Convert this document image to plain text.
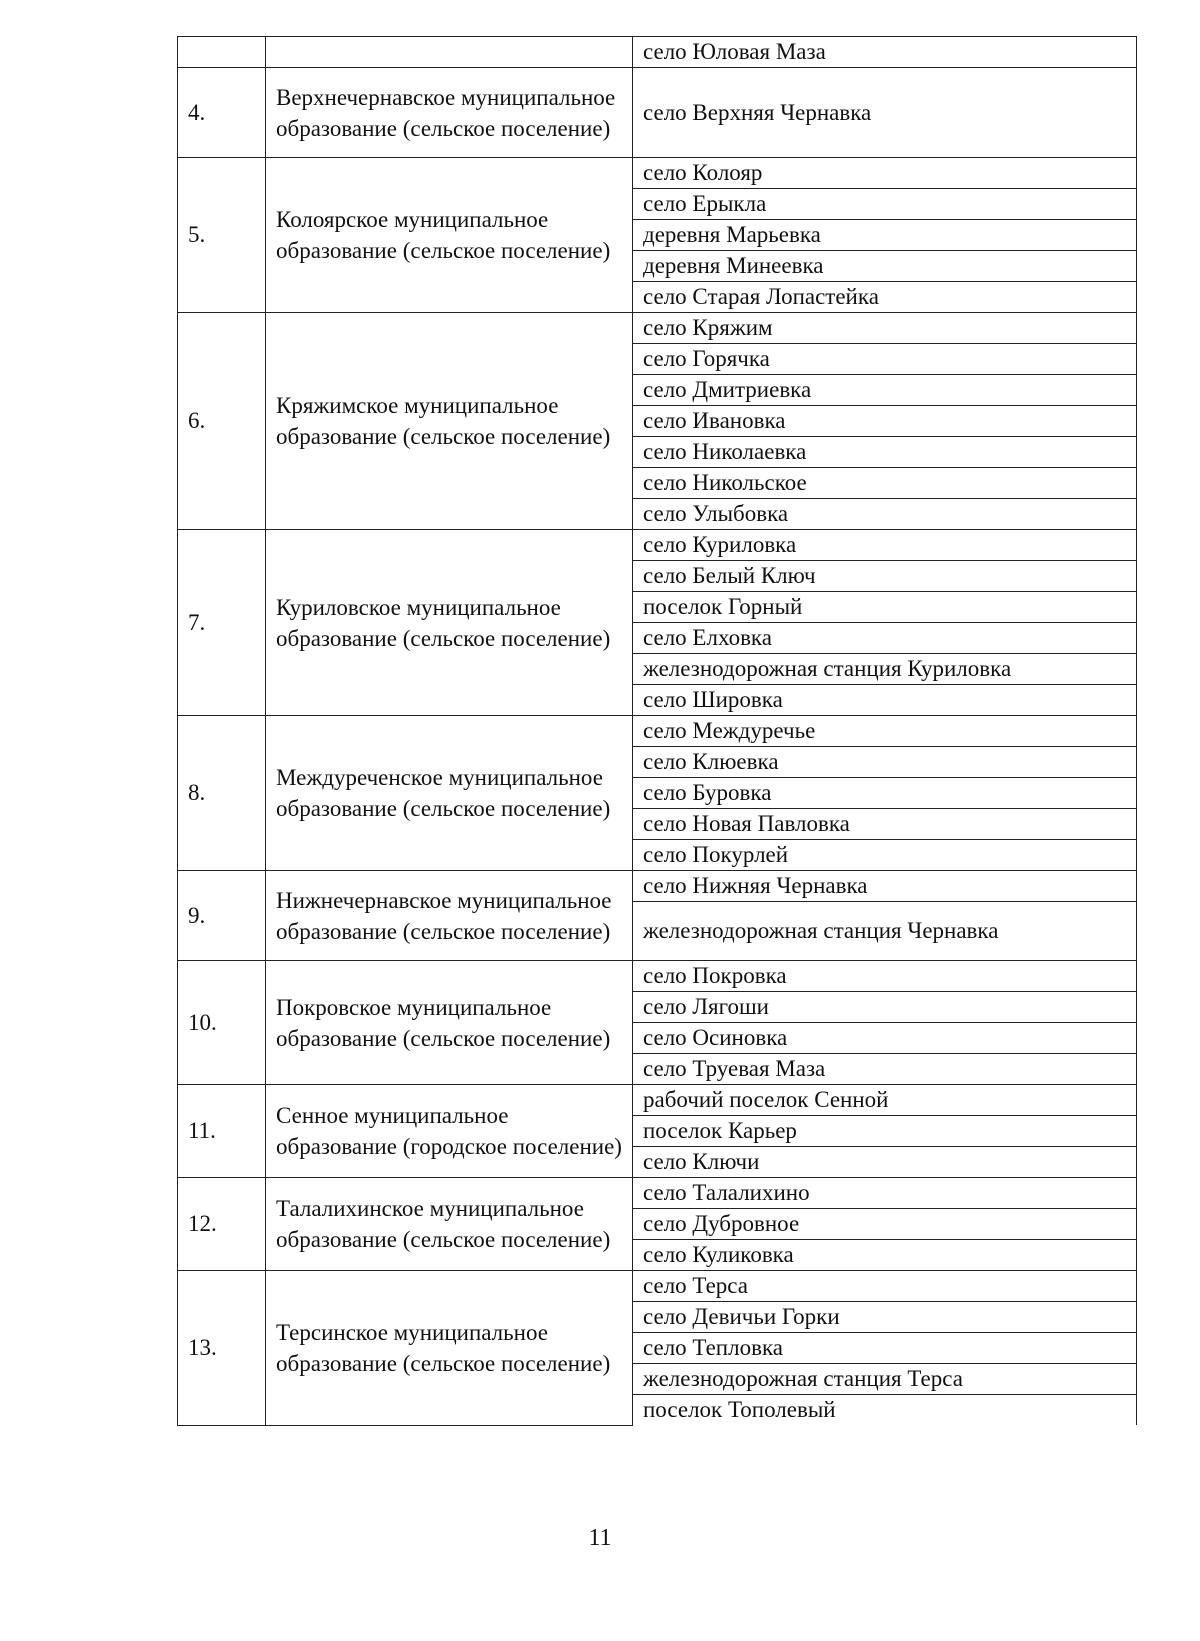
		село Юловая Маза
4.	Верхнечернавское муниципальное образование (сельское поселение)	село Верхняя Чернавка
5.	Колоярское муниципальное образование (сельское поселение)	село Колояр
		село Ерыкла
		деревня Марьевка
		деревня Минеевка
		село Старая Лопастейка
6.	Кряжимское муниципальное образование (сельское поселение)	село Кряжим
		село Горячка
		село Дмитриевка
		село Ивановка
		село Николаевка
		село Никольское
		село Улыбовка
7.	Куриловское муниципальное образование (сельское поселение)	село Куриловка
		село Белый Ключ
		поселок Горный
		село Елховка
		железнодорожная станция Куриловка
		село Шировка
8.	Междуреченское муниципальное образование (сельское поселение)	село Междуречье
		село Клюевка
		село Буровка
		село Новая Павловка
		село Покурлей
9.	Нижнечернавское муниципальное образование (сельское поселение)	село Нижняя Чернавка
		железнодорожная станция Чернавка
10.	Покровское муниципальное образование (сельское поселение)	село Покровка
		село Лягоши
		село Осиновка
		село Труевая Маза
11.	Сенное муниципальное образование (городское поселение)	рабочий поселок Сенной
		поселок Карьер
		село Ключи
12.	Талалихинское муниципальное образование (сельское поселение)	село Талалихино
		село Дубровное
		село Куликовка
13.	Терсинское муниципальное образование (сельское поселение)	село Терса
		село Девичьи Горки
		село Тепловка
		железнодорожная станция Терса
		поселок Тополевый
11
